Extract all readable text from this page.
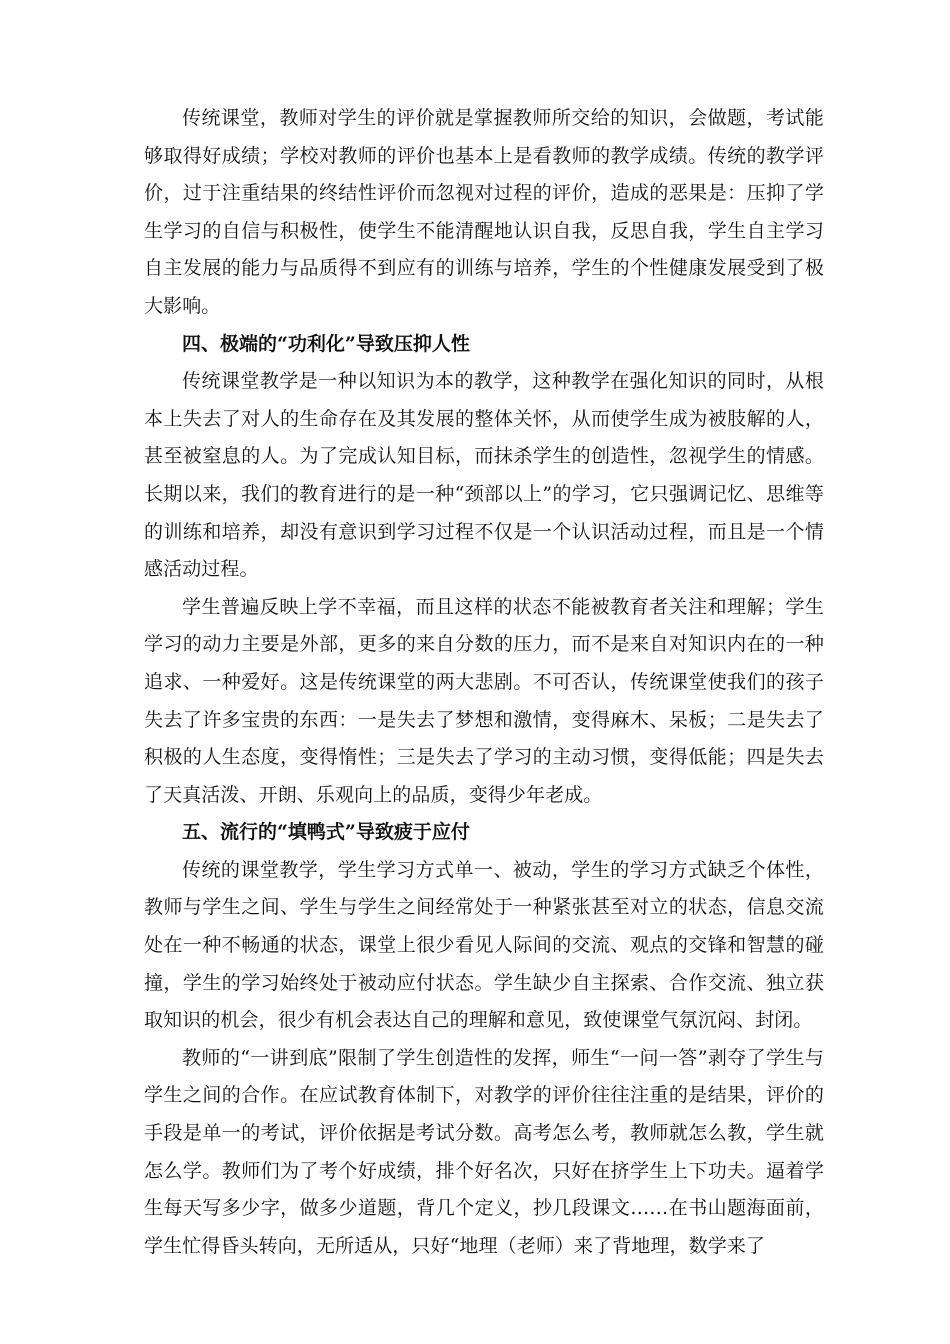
传统课堂，教师对学生的评价就是掌握教师所交给的知识，会做题，考试能够取得好成绩；学校对教师的评价也基本上是看教师的教学成绩。传统的教学评价，过于注重结果的终结性评价而忽视对过程的评价，造成的恶果是：压抑了学生学习的自信与积极性，使学生不能清醒地认识自我，反思自我，学生自主学习自主发展的能力与品质得不到应有的训练与培养，学生的个性健康发展受到了极大影响。

四、极端的“功利化”导致压抑人性

传统课堂教学是一种以知识为本的教学，这种教学在强化知识的同时，从根本上失去了对人的生命存在及其发展的整体关怀，从而使学生成为被肢解的人，甚至被窒息的人。为了完成认知目标，而抹杀学生的创造性，忽视学生的情感。长期以来，我们的教育进行的是一种“颈部以上”的学习，它只强调记忆、思维等的训练和培养，却没有意识到学习过程不仅是一个认识活动过程，而且是一个情感活动过程。

学生普遍反映上学不幸福，而且这样的状态不能被教育者关注和理解；学生学习的动力主要是外部，更多的来自分数的压力，而不是来自对知识内在的一种追求、一种爱好。这是传统课堂的两大悲剧。不可否认，传统课堂使我们的孩子失去了许多宝贵的东西：一是失去了梦想和激情，变得麻木、呆板；二是失去了积极的人生态度，变得惰性；三是失去了学习的主动习惯，变得低能；四是失去了天真活泼、开朗、乐观向上的品质，变得少年老成。

五、流行的“填鸭式”导致疲于应付

传统的课堂教学，学生学习方式单一、被动，学生的学习方式缺乏个体性，教师与学生之间、学生与学生之间经常处于一种紧张甚至对立的状态，信息交流处在一种不畅通的状态，课堂上很少看见人际间的交流、观点的交锋和智慧的碰撞，学生的学习始终处于被动应付状态。学生缺少自主探索、合作交流、独立获取知识的机会，很少有机会表达自己的理解和意见，致使课堂气氛沉闷、封闭。

教师的“一讲到底”限制了学生创造性的发挥，师生“一问一答”剥夺了学生与学生之间的合作。在应试教育体制下，对教学的评价往往注重的是结果，评价的手段是单一的考试，评价依据是考试分数。高考怎么考，教师就怎么教，学生就怎么学。教师们为了考个好成绩，排个好名次，只好在挤学生上下功夫。逼着学生每天写多少字，做多少道题，背几个定义，抄几段课文……在书山题海面前，学生忙得昏头转向，无所适从，只好“地理（老师）来了背地理，数学来了
